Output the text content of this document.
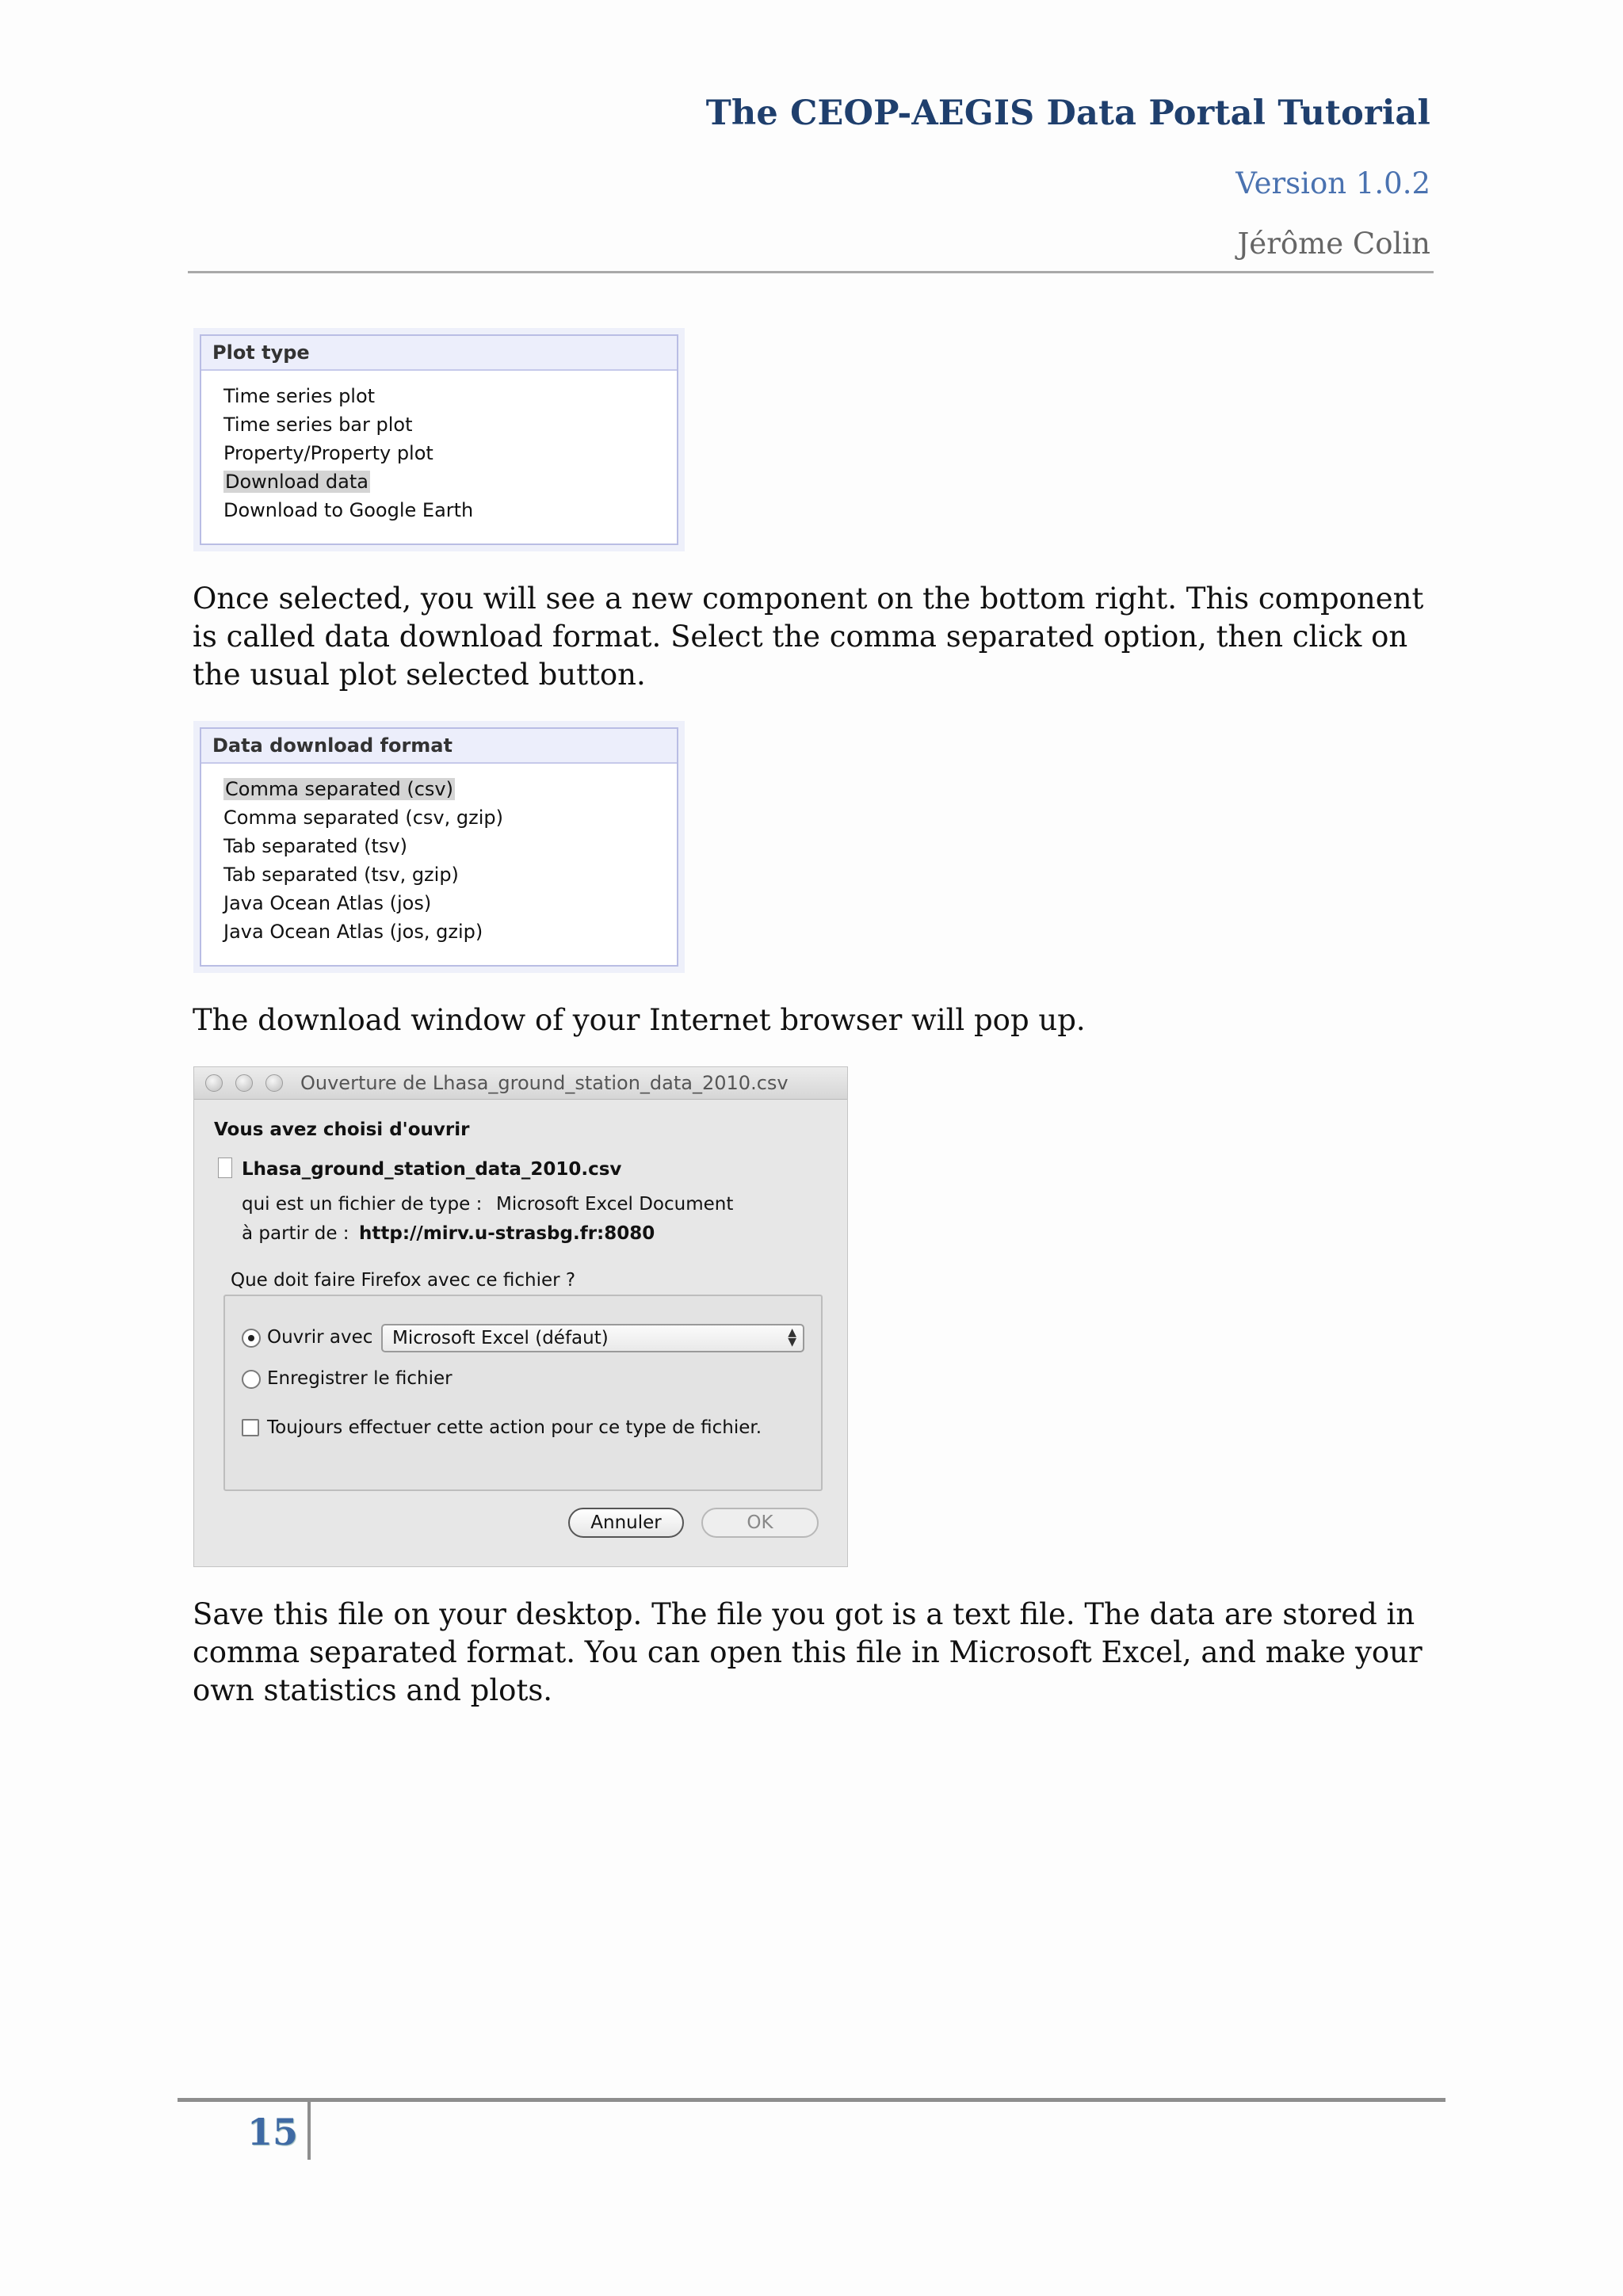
The CEOP-AEGIS Data Portal Tutorial
Version 1.0.2
Jérôme Colin
Plot type
Time series plot
Time series bar plot
Property/Property plot
Download data
Download to Google Earth
Once selected, you will see a new component on the bottom right. This component is called data download format. Select the comma separated option, then click on the usual plot selected button.
Data download format
Comma separated (csv)
Comma separated (csv, gzip)
Tab separated (tsv)
Tab separated (tsv, gzip)
Java Ocean Atlas (jos)
Java Ocean Atlas (jos, gzip)
The download window of your Internet browser will pop up.
Ouverture de Lhasa_ground_station_data_2010.csv
Vous avez choisi d'ouvrir
Lhasa_ground_station_data_2010.csv
qui est un fichier de type : Microsoft Excel Document
à partir de : http://mirv.u-strasbg.fr:8080
Que doit faire Firefox avec ce fichier ?
Ouvrir avec	Microsoft Excel (défaut)	▲
▼
Enregistrer le fichier
Toujours effectuer cette action pour ce type de fichier.
Annuler	OK
Save this file on your desktop. The file you got is a text file. The data are stored in comma separated format. You can open this file in Microsoft Excel, and make your own statistics and plots.
15
